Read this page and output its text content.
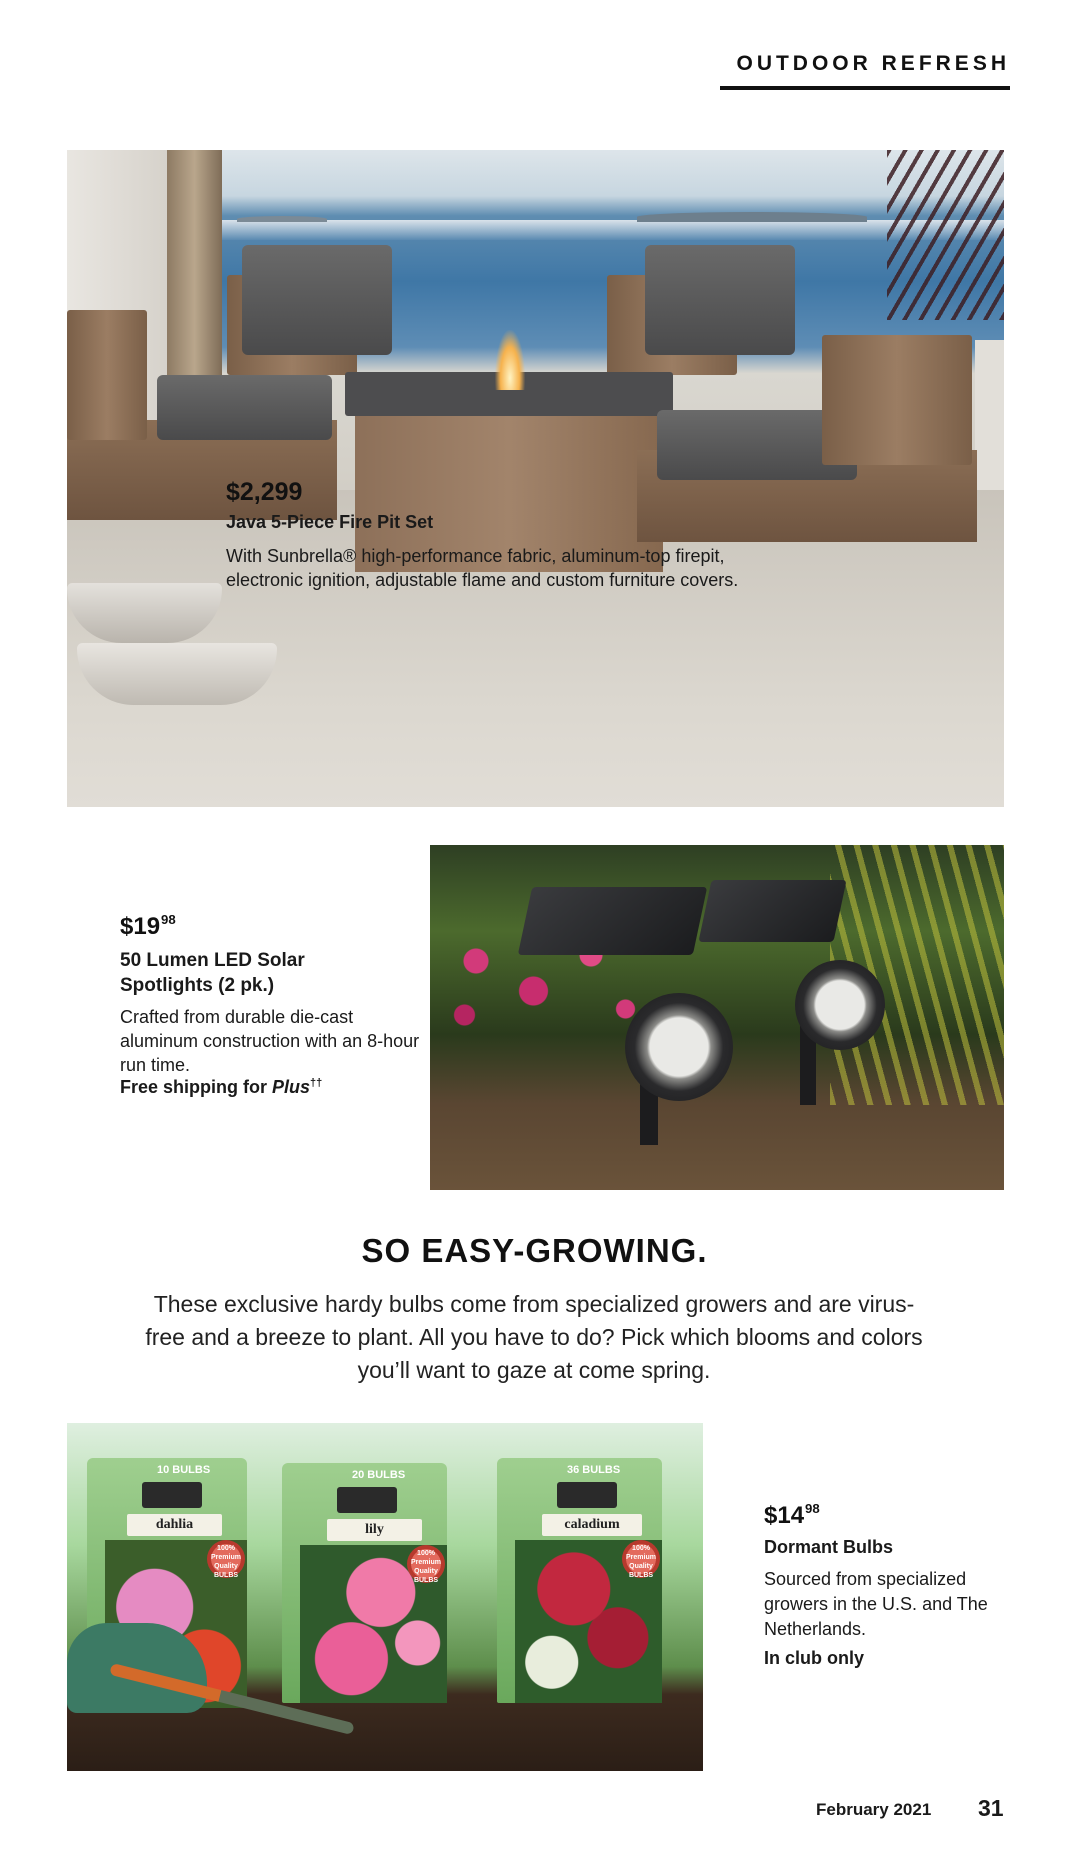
OUTDOOR REFRESH
$2,299
Java 5-Piece Fire Pit Set
With Sunbrella® high-performance fabric, aluminum-top firepit, electronic ignition, adjustable flame and custom furniture covers.
$\$19^{98}$
50 Lumen LED Solar Spotlights (2 pk.)
Crafted from durable die-cast aluminum construction with an 8-hour run time.
Free shipping for Plus††
SO EASY-GROWING.
These exclusive hardy bulbs come from specialized growers and are virus-free and a breeze to plant. All you have to do? Pick which blooms and colors you’ll want to gaze at come spring.
10 BULBS
dahlia
100% Premium Quality BULBS
20 BULBS
lily
100% Premium Quality BULBS
36 BULBS
caladium
100% Premium Quality BULBS
$\$14^{98}$
Dormant Bulbs
Sourced from specialized growers in the U.S. and The Netherlands.
In club only
February 2021 31
